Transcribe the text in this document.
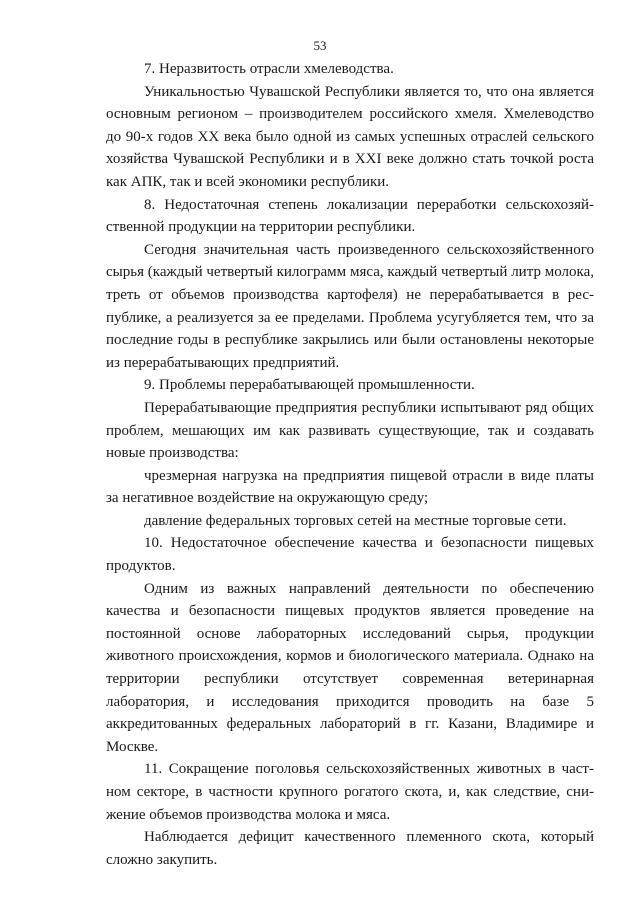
53

7. Неразвитость отрасли хмелеводства.

Уникальностью Чувашской Республики является то, что она является основным регионом – производителем российского хмеля. Хмелеводство до 90-х годов XX века было одной из самых успешных отраслей сельского хозяйства Чувашской Республики и в XXI веке должно стать точкой роста как АПК, так и всей экономики республики.

8. Недостаточная степень локализации переработки сельскохозяйственной продукции на территории республики.

Сегодня значительная часть произведенного сельскохозяйственного сырья (каждый четвертый килограмм мяса, каждый четвертый литр молока, треть от объемов производства картофеля) не перерабатывается в республике, а реализуется за ее пределами. Проблема усугубляется тем, что за последние годы в республике закрылись или были остановлены некоторые из перерабатывающих предприятий.

9. Проблемы перерабатывающей промышленности.

Перерабатывающие предприятия республики испытывают ряд общих проблем, мешающих им как развивать существующие, так и создавать новые производства:

чрезмерная нагрузка на предприятия пищевой отрасли в виде платы за негативное воздействие на окружающую среду;

давление федеральных торговых сетей на местные торговые сети.

10. Недостаточное обеспечение качества и безопасности пищевых продуктов.

Одним из важных направлений деятельности по обеспечению качества и безопасности пищевых продуктов является проведение на постоянной основе лабораторных исследований сырья, продукции животного происхождения, кормов и биологического материала. Однако на территории республики отсутствует современная ветеринарная лаборатория, и исследования приходится проводить на базе 5 аккредитованных федеральных лабораторий в гг. Казани, Владимире и Москве.

11. Сокращение поголовья сельскохозяйственных животных в частном секторе, в частности крупного рогатого скота, и, как следствие, снижение объемов производства молока и мяса.

Наблюдается дефицит качественного племенного скота, который сложно закупить.
